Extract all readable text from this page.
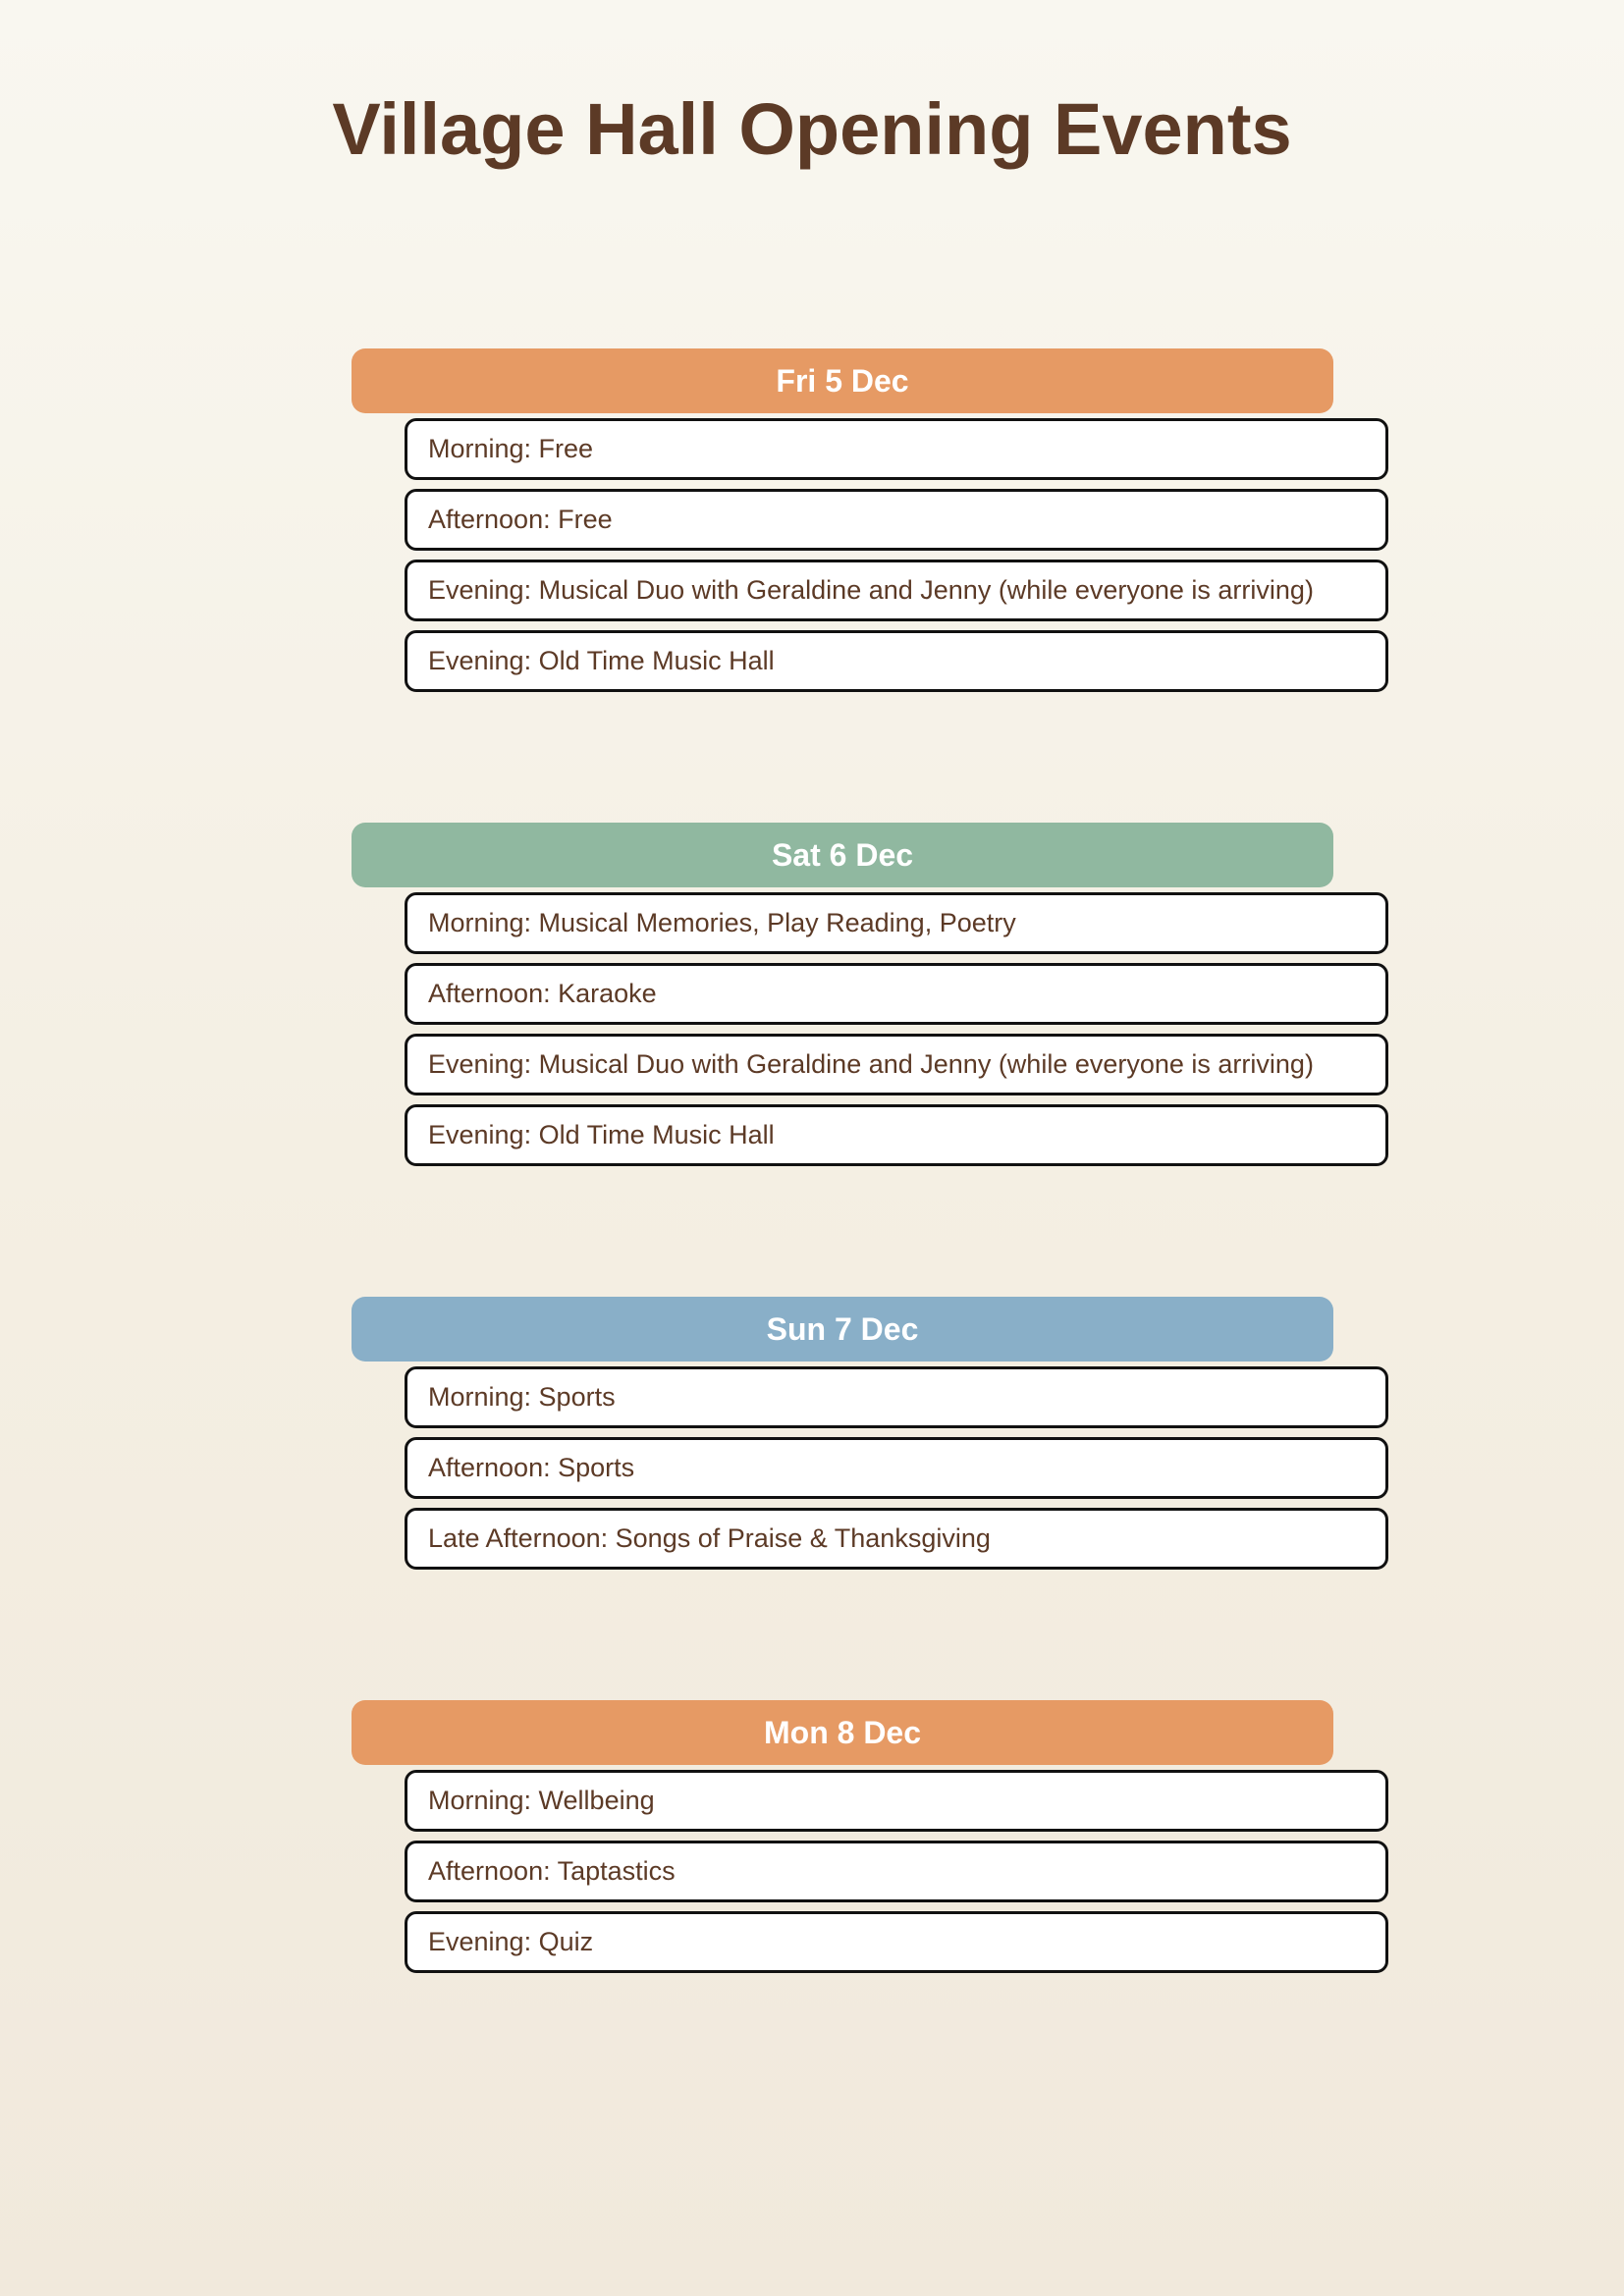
Village Hall Opening Events
Fri 5 Dec
Morning: Free
Afternoon: Free
Evening: Musical Duo with Geraldine and Jenny (while everyone is arriving)
Evening: Old Time Music Hall
Sat 6 Dec
Morning: Musical Memories, Play Reading, Poetry
Afternoon: Karaoke
Evening: Musical Duo with Geraldine and Jenny (while everyone is arriving)
Evening: Old Time Music Hall
Sun 7 Dec
Morning: Sports
Afternoon: Sports
Late Afternoon: Songs of Praise & Thanksgiving
Mon 8 Dec
Morning: Wellbeing
Afternoon: Taptastics
Evening: Quiz
